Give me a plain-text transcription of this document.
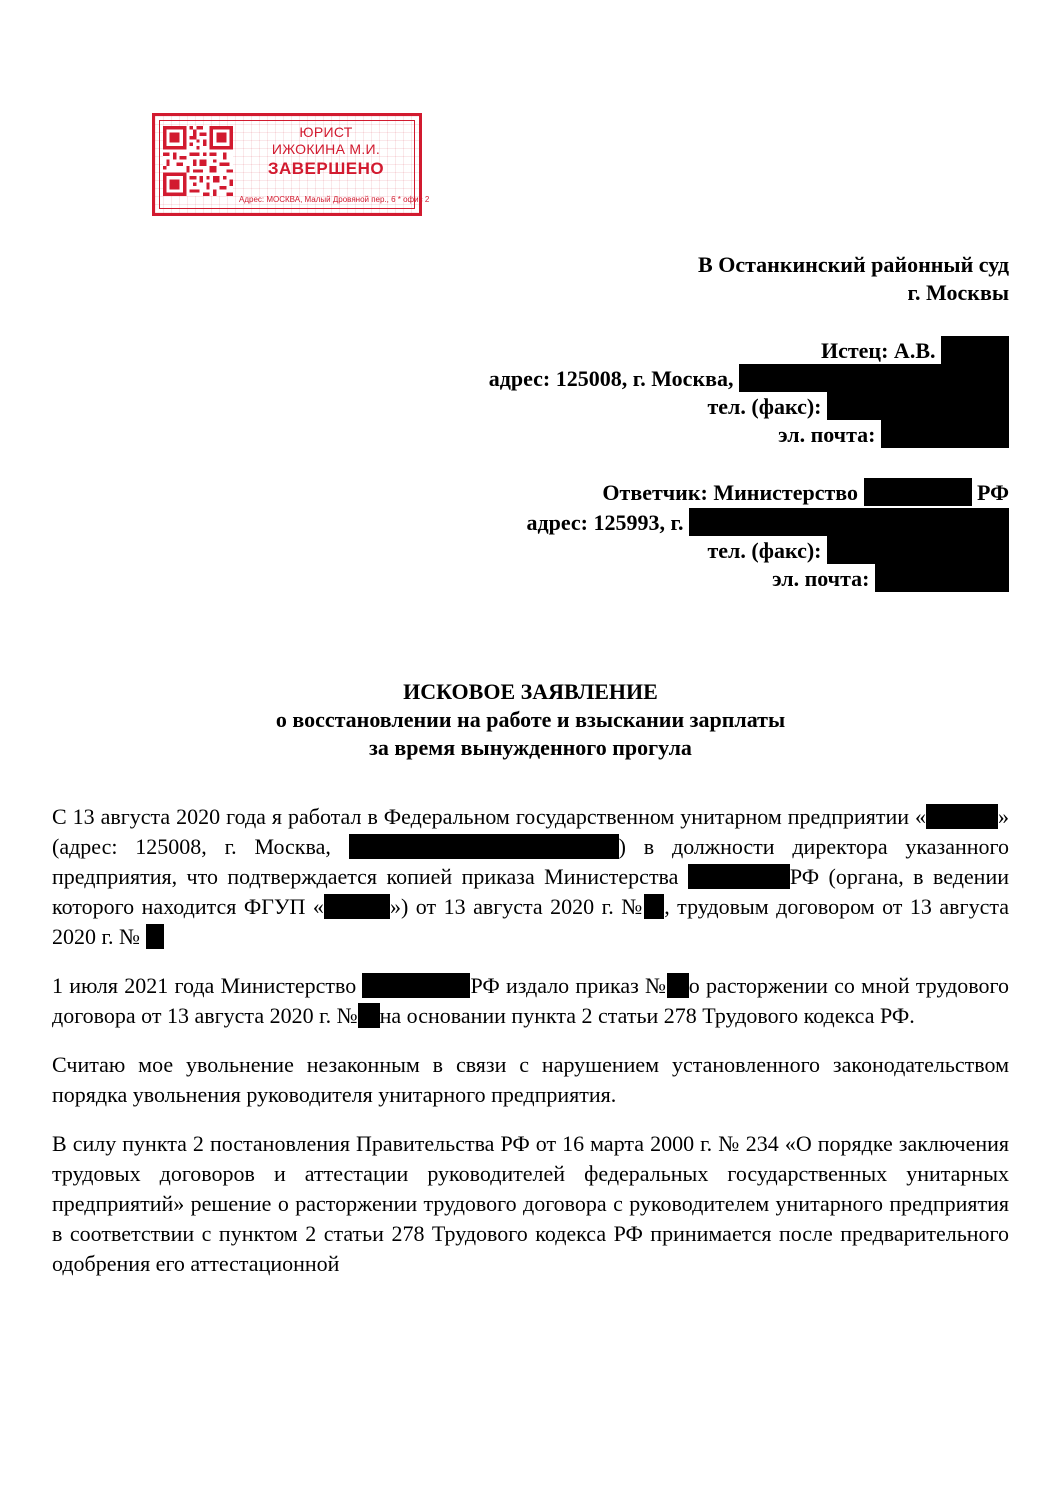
ЮРИСТ
ИЖОКИНА М.И.
ЗАВЕРШЕНО
Адрес: МОСКВА, Малый Дровяной пер., 6 * офис 2
В Останкинский районный суд
г. Москвы
Истец: А.В.
адрес: 125008, г. Москва,
тел. (факс):
эл. почта:
Ответчик: Министерство	РФ
адрес: 125993, г.
тел. (факс):
эл. почта:
ИСКОВОЕ ЗАЯВЛЕНИЕ
о восстановлении на работе и взыскании зарплаты
за время вынужденного прогула

С 13 августа 2020 года я работал в Федеральном государственном унитарном предприятии «	» (адрес: 125008, г. Москва,	) в должности директора указанного предприятия, что подтверждается копией приказа Министерства	РФ (органа, в ведении которого находится ФГУП «	») от 13 августа 2020 г. № , трудовым договором от 13 августа 2020 г. №

1 июля 2021 года Министерство	РФ издало приказ № о расторжении со мной трудового договора от 13 августа 2020 г. № на основании пункта 2 статьи 278 Трудового кодекса РФ.

Считаю мое увольнение незаконным в связи с нарушением установленного законодательством порядка увольнения руководителя унитарного предприятия.

В силу пункта 2 постановления Правительства РФ от 16 марта 2000 г. № 234 «О порядке заключения трудовых договоров и аттестации руководителей федеральных государственных унитарных предприятий» решение о расторжении трудового договора с руководителем унитарного предприятия в соответствии с пунктом 2 статьи 278 Трудового кодекса РФ принимается после предварительного одобрения его аттестационной
